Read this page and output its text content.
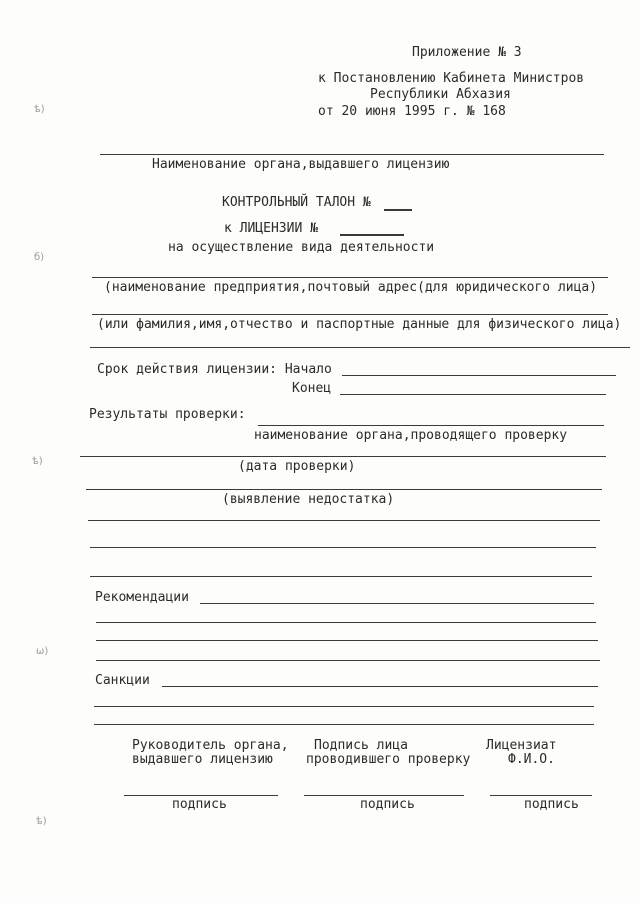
Приложение № 3
к Постановлению Кабинета Министров
Республики Абхазия
от 20 июня 1995 г. № 168
Наименование органа,выдавшего лицензию
КОНТРОЛЬНЫЙ ТАЛОН №
к ЛИЦЕНЗИИ №
на осуществление вида деятельности
(наименование предприятия,почтовый адрес(для юридического лица)
(или фамилия,имя,отчество и паспортные данные для физического лица)
Срок действия лицензии: Начало
Конец
Результаты проверки:
наименование органа,проводящего проверку
(дата проверки)
(выявление недостатка)
Рекомендации
Санкции
Руководитель органа,
выдавшего лицензию
Подпись лица
проводившего проверку
Лицензиат
Ф.И.О.
подпись	подпись	подпись
ѣ)
б)
ѣ)
ѡ)
ѣ)
